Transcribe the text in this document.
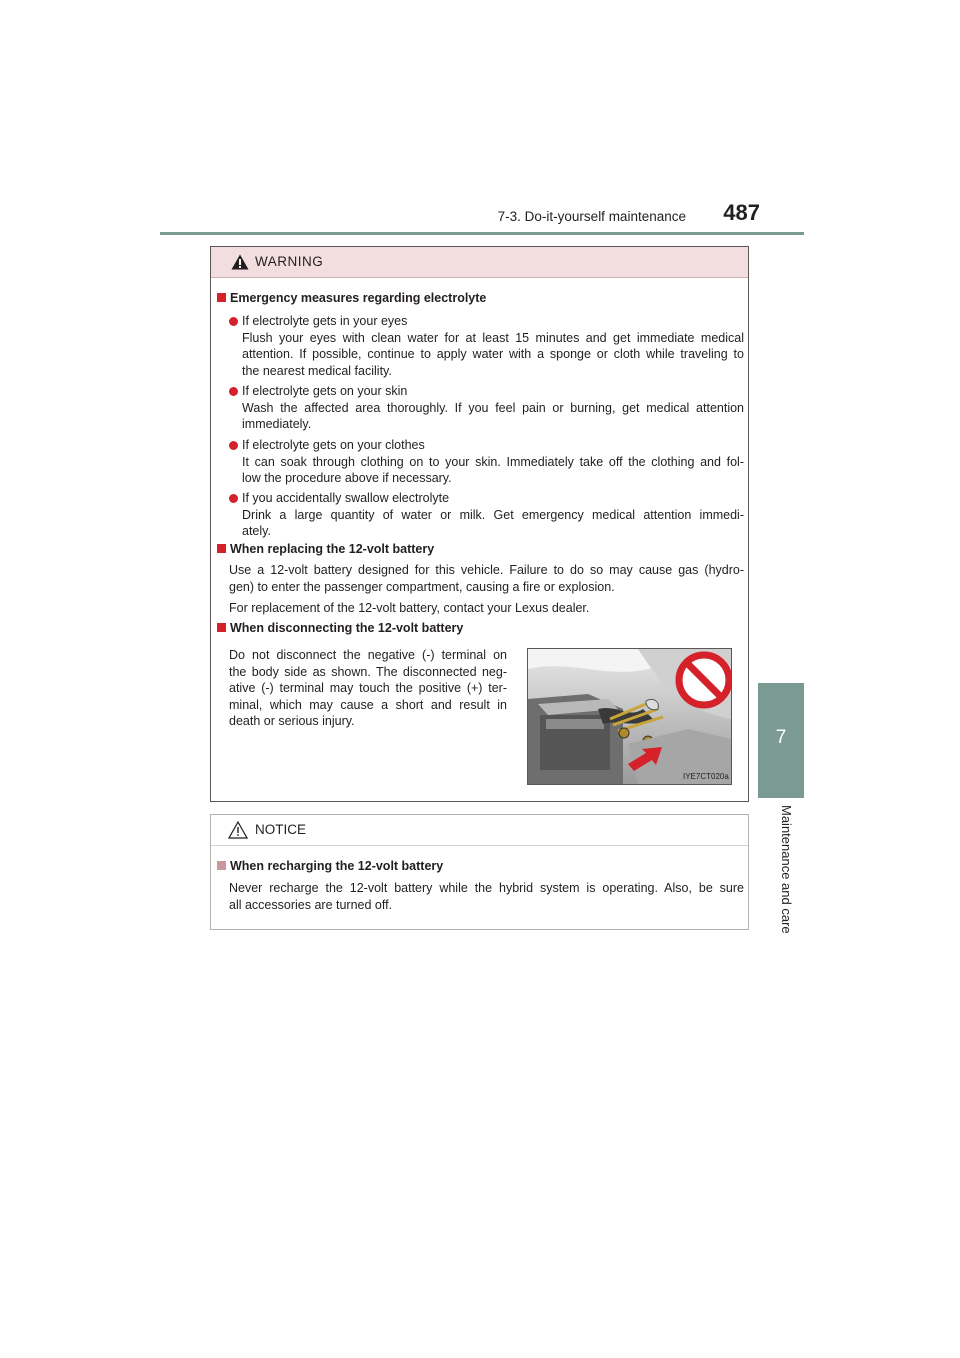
7-3. Do-it-yourself maintenance 487
7
Maintenance and care
WARNING
Emergency measures regarding electrolyte
If electrolyte gets in your eyes
Flush your eyes with clean water for at least 15 minutes and get immediate medical
attention. If possible, continue to apply water with a sponge or cloth while traveling to
the nearest medical facility.
If electrolyte gets on your skin
Wash the affected area thoroughly. If you feel pain or burning, get medical attention
immediately.
If electrolyte gets on your clothes
It can soak through clothing on to your skin. Immediately take off the clothing and fol-
low the procedure above if necessary.
If you accidentally swallow electrolyte
Drink a large quantity of water or milk. Get emergency medical attention immedi-
ately.
When replacing the 12-volt battery
Use a 12-volt battery designed for this vehicle. Failure to do so may cause gas (hydro-
gen) to enter the passenger compartment, causing a fire or explosion.
For replacement of the 12-volt battery, contact your Lexus dealer.
When disconnecting the 12-volt battery
Do not disconnect the negative (-) terminal on
the body side as shown. The disconnected neg-
ative (-) terminal may touch the positive (+) ter-
minal, which may cause a short and result in
death or serious injury.
IYE7CT020a
NOTICE
When recharging the 12-volt battery
Never recharge the 12-volt battery while the hybrid system is operating. Also, be sure
all accessories are turned off.
